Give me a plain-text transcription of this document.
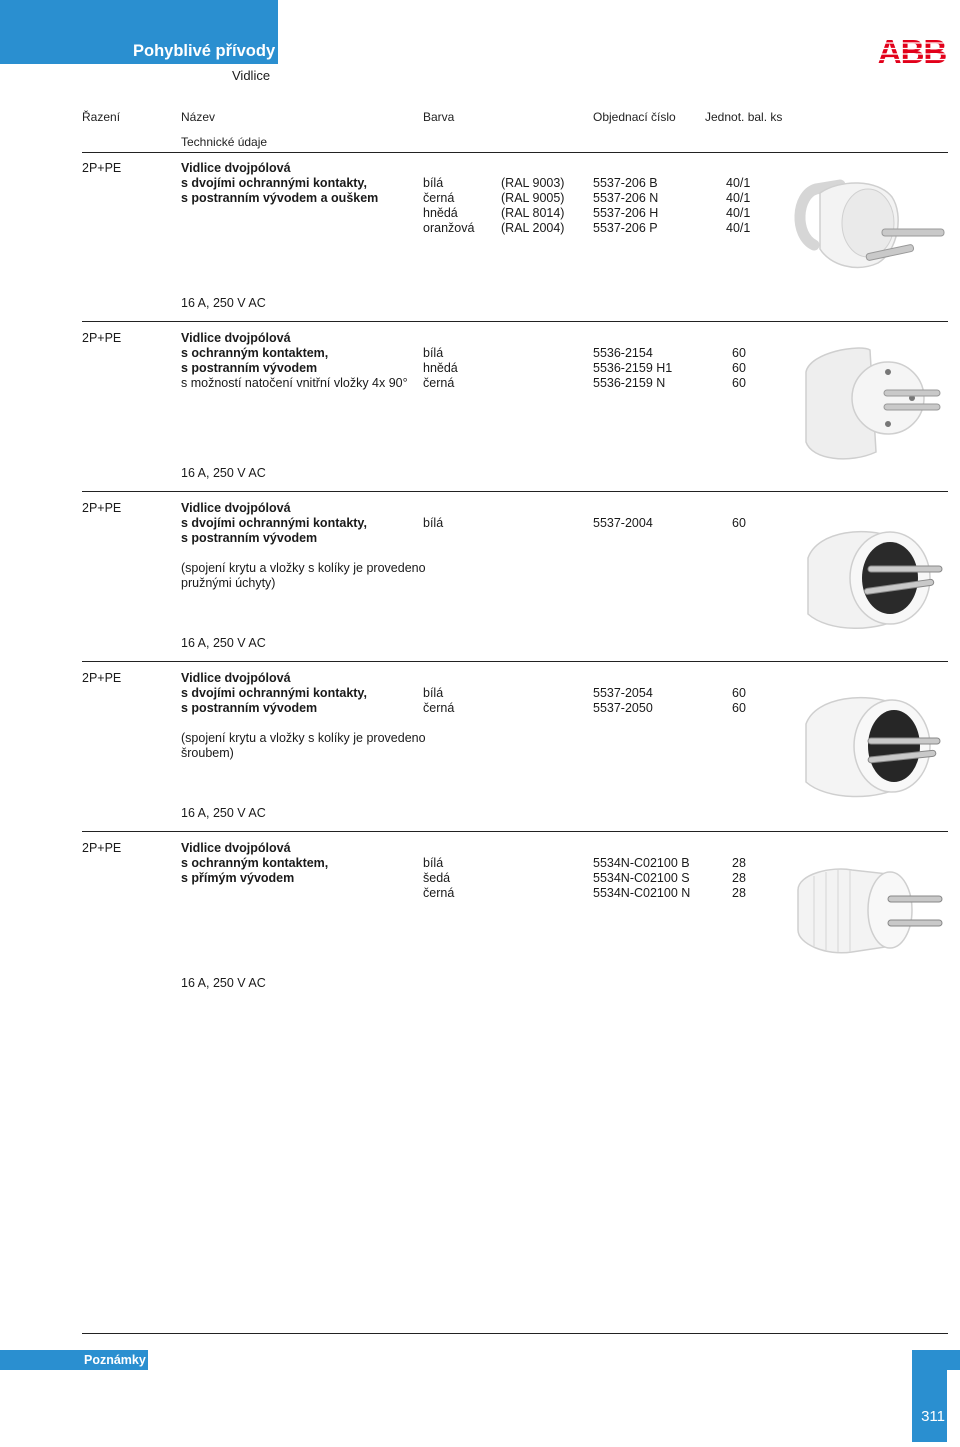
Pohyblivé přívody
Vidlice
ABB
Řazení	Název	Barva	Objednací číslo Jednot. bal. ks
Technické údaje
2P+PE	Vidlice dvojpólová
s dvojími ochrannými kontakty,
s postranním vývodem a ouškem
bílá	(RAL 9003) 5537-206 B	40/1
černá	(RAL 9005) 5537-206 N	40/1
hnědá	(RAL 8014) 5537-206 H	40/1
oranžová (RAL 2004) 5537-206 P	40/1
16 A, 250 V AC
2P+PE	Vidlice dvojpólová
s ochranným kontaktem,
s postranním vývodem
s možností natočení vnitřní vložky 4x 90°
bílá	5536-2154	60
hnědá	5536-2159 H1	60
černá	5536-2159 N	60
16 A, 250 V AC
2P+PE	Vidlice dvojpólová
s dvojími ochrannými kontakty,
s postranním vývodem
bílá	5537-2004	60
(spojení krytu a vložky s kolíky je provedeno
pružnými úchyty)
16 A, 250 V AC
2P+PE	Vidlice dvojpólová
s dvojími ochrannými kontakty,
s postranním vývodem
bílá	5537-2054	60
černá	5537-2050	60
(spojení krytu a vložky s kolíky je provedeno
šroubem)
16 A, 250 V AC
2P+PE	Vidlice dvojpólová
s ochranným kontaktem,
s přímým vývodem
bílá	5534N-C02100 B	28
šedá	5534N-C02100 S	28
černá	5534N-C02100 N	28
16 A, 250 V AC
Poznámky
311
